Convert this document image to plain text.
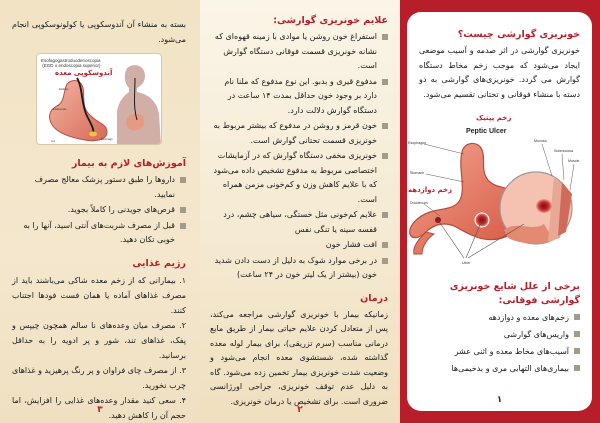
خونریزی گوارشی چیست؟

خونریزی گوارشی در اثر صدمه و آسیب موضعی ایجاد می‌شود که موجب زخم مخاط دستگاه گوارش می گردد. خونریزی‌های گوارشی به دو دسته با منشاء فوقانی و تحتانی تقسیم می‌شود.

زخم پپتیک
Peptic Ulcer
زخم دوازدهه
Esophagus
Stomach
Duodenum
Ulcer
Mucosa
Submucosa
Muscle
برخی از علل شایع خونریزی گوارشی فوقانی:
زخم‌های معده و دوازدهه
واریس‌های گوارشی
آسیب‌های مخاط معده و اثنی عشر
بیماری‌های التهابی مری و بدخیمی‌ها
۱
علایم خونریزی گوارشی:
استفراغ خون روشن یا موادی با زمینه قهوه‌ای که نشانه خونریزی قسمت فوقانی دستگاه گوارش است.
مدفوع قیری و بدبو. این نوع مدفوع که ملنا نام دارد بر وجود خون حداقل بمدت ۱۴ ساعت در دستگاه گوارش دلالت دارد.
خون قرمز و روشن در مدفوع که بیشتر مربوط به خونریزی قسمت تحتانی گوارش است.
خونریزی مخفی دستگاه گوارش که در آزمایشات اختصاصی مربوط به مدفوع تشخیص داده می‌شود که با علایم کاهش وزن و کم‌خونی مزمن همراه است.
علایم کم‌خونی مثل خستگی، سیاهی چشم، درد قفسه سینه یا تنگی نفس
افت فشار خون
در برخی موارد شوک به دلیل از دست دادن شدید خون (بیشتر از یک لیتر خون در ۲۴ ساعت)
درمان

زمانیکه بیمار با خونریزی گوارشی مراجعه می‌کند، پس از متعادل کردن علایم حیاتی بیمار از طریق مایع درمانی مناسب (سرم تزریقی)، برای بیمار لوله معده گذاشته شده، شستشوی معده انجام می‌شود و وضعیت شدت خونریزی بیمار تخمین زده می‌شود. گاه به دلیل عدم توقف خونریزی، جراحی اورژانسی ضروری است. برای تشخیص یا درمان خونریزی.

۲

بسته به منشاء آن آندوسکوپی یا کولونوسکوپی انجام می‌شود.

Esofagogastroduodenoscopia
(EGD o endoscopia superior)
آندوسکوپی معده
Esófago
Endoscopio
Luz
Estómago
آموزش‌های لازم به بیمار
داروها را طبق دستور پزشک معالج مصرف نمایید.
قرص‌های جویدنی را کاملاً بجوید.
قبل از مصرف شربت‌های آنتی اسید، آنها را به خوبی تکان دهید.
رژیم غذایی

۱. بیمارانی که از زخم معده شاکی می‌باشند باید از مصرف غذاهای آماده یا همان فست فودها اجتناب کنند.

۲. مصرف میان وعده‌های نا سالم همچون چیپس و پفک، غذاهای تند، شور و پر ادویه را به حداقل برسانید.

۳. از مصرف چای فراوان و پر رنگ پرهیزید و غذاهای چرب نخورید.

۴. سعی کنید مقدار وعده‌های غذایی را افزایش، اما حجم آن را کاهش دهید.

۳
